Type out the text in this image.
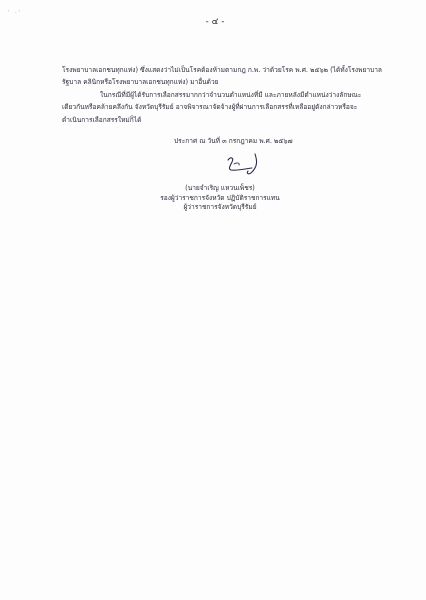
' ·'
- ๔ -
โรงพยาบาลเอกชนทุกแห่ง) ซึ่งแสดงว่าไม่เป็นโรคต้องห้ามตามกฎ ก.พ. ว่าด้วยโรค พ.ศ. ๒๕๖๒ (ได้ทั้งโรงพยาบาล
รัฐบาล คลินิกหรือโรงพยาบาลเอกชนทุกแห่ง) มาอื่นด้วย
ในกรณีที่มีผู้ได้รับการเลือกสรรมากกว่าจำนวนตำแหน่งที่มี และภายหลังมีตำแหน่งว่างลักษณะ
เดียวกันหรือคล้ายคลึงกัน จังหวัดบุรีรัมย์ อาจพิจารณาจัดจ้างผู้ที่ผ่านการเลือกสรรที่เหลืออยู่ดังกล่าวหรือจะ
ดำเนินการเลือกสรรใหม่ก็ได้
ประกาศ ณ วันที่ ๓ กรกฎาคม พ.ศ. ๒๕๖๗
(นายจำเริญ แหวนเพ็ชร)
รองผู้ว่าราชการจังหวัด ปฏิบัติราชการแทน
ผู้ว่าราชการจังหวัดบุรีรัมย์
